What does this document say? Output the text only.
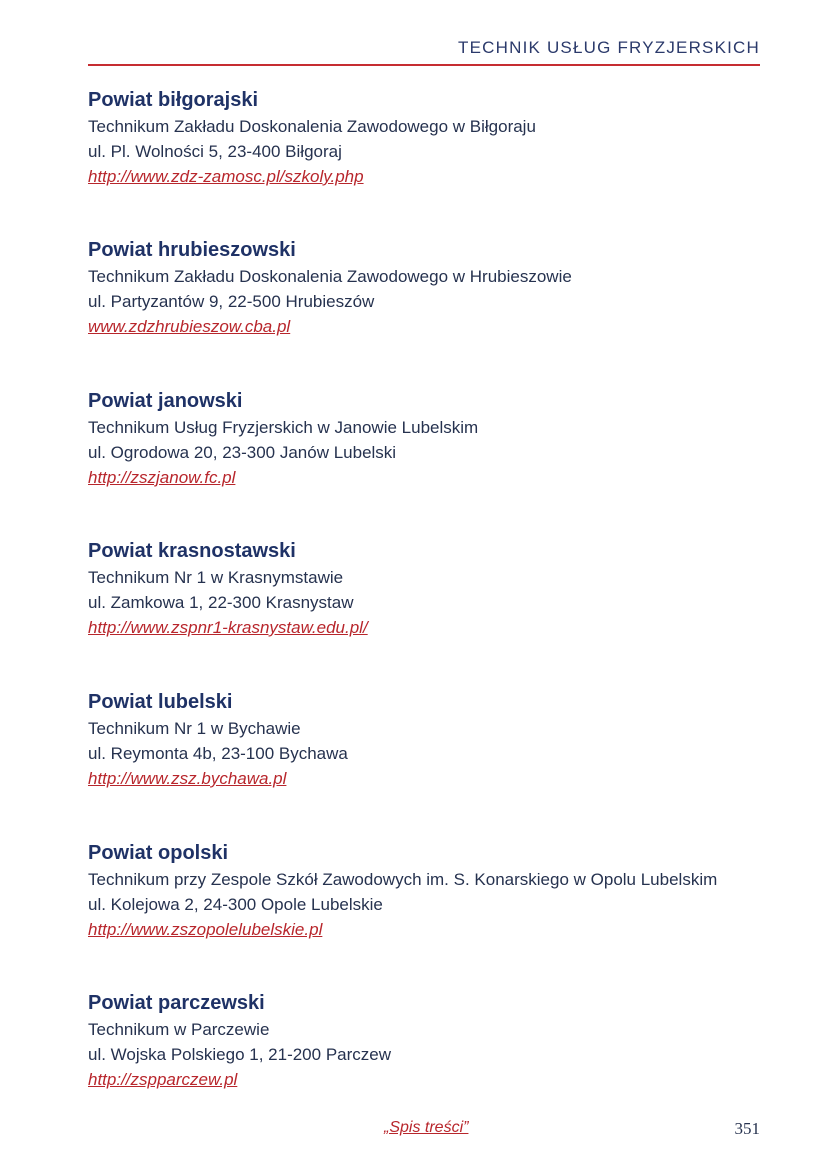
TECHNIK USŁUG FRYZJERSKICH
Powiat biłgorajski
Technikum Zakładu Doskonalenia Zawodowego w Biłgoraju
ul. Pl. Wolności 5, 23-400 Biłgoraj
http://www.zdz-zamosc.pl/szkoly.php
Powiat hrubieszowski
Technikum Zakładu Doskonalenia Zawodowego w Hrubieszowie
ul. Partyzantów 9, 22-500 Hrubieszów
www.zdzhrubieszow.cba.pl
Powiat janowski
Technikum Usług Fryzjerskich w Janowie Lubelskim
ul. Ogrodowa 20, 23-300 Janów Lubelski
http://zszjanow.fc.pl
Powiat krasnostawski
Technikum Nr 1 w Krasnymstawie
ul. Zamkowa 1, 22-300 Krasnystaw
http://www.zspnr1-krasnystaw.edu.pl/
Powiat lubelski
Technikum Nr 1 w Bychawie
ul. Reymonta 4b, 23-100 Bychawa
http://www.zsz.bychawa.pl
Powiat opolski
Technikum przy Zespole Szkół Zawodowych im. S. Konarskiego w Opolu Lubelskim
ul. Kolejowa 2, 24-300 Opole Lubelskie
http://www.zszopolelubelskie.pl
Powiat parczewski
Technikum w Parczewie
ul. Wojska Polskiego 1, 21-200 Parczew
http://zspparczew.pl
„Spis treści”	351
